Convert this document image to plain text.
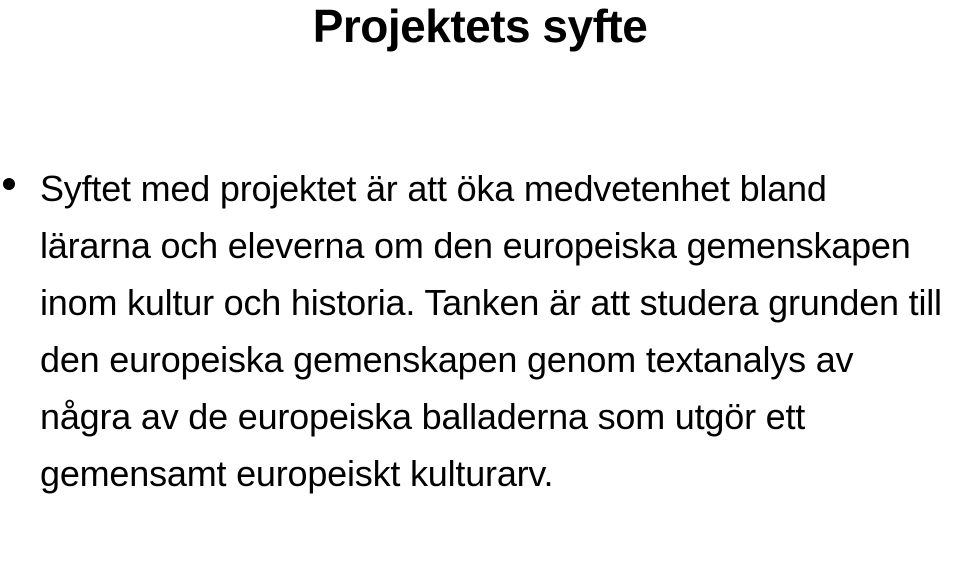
Projektets syfte

Syftet med projektet är att öka medvetenhet bland lärarna och eleverna om den europeiska gemenskapen inom kultur och historia. Tanken är att studera grunden till den europeiska gemenskapen genom textanalys av några av de europeiska balladerna som utgör ett gemensamt europeiskt kulturarv.
